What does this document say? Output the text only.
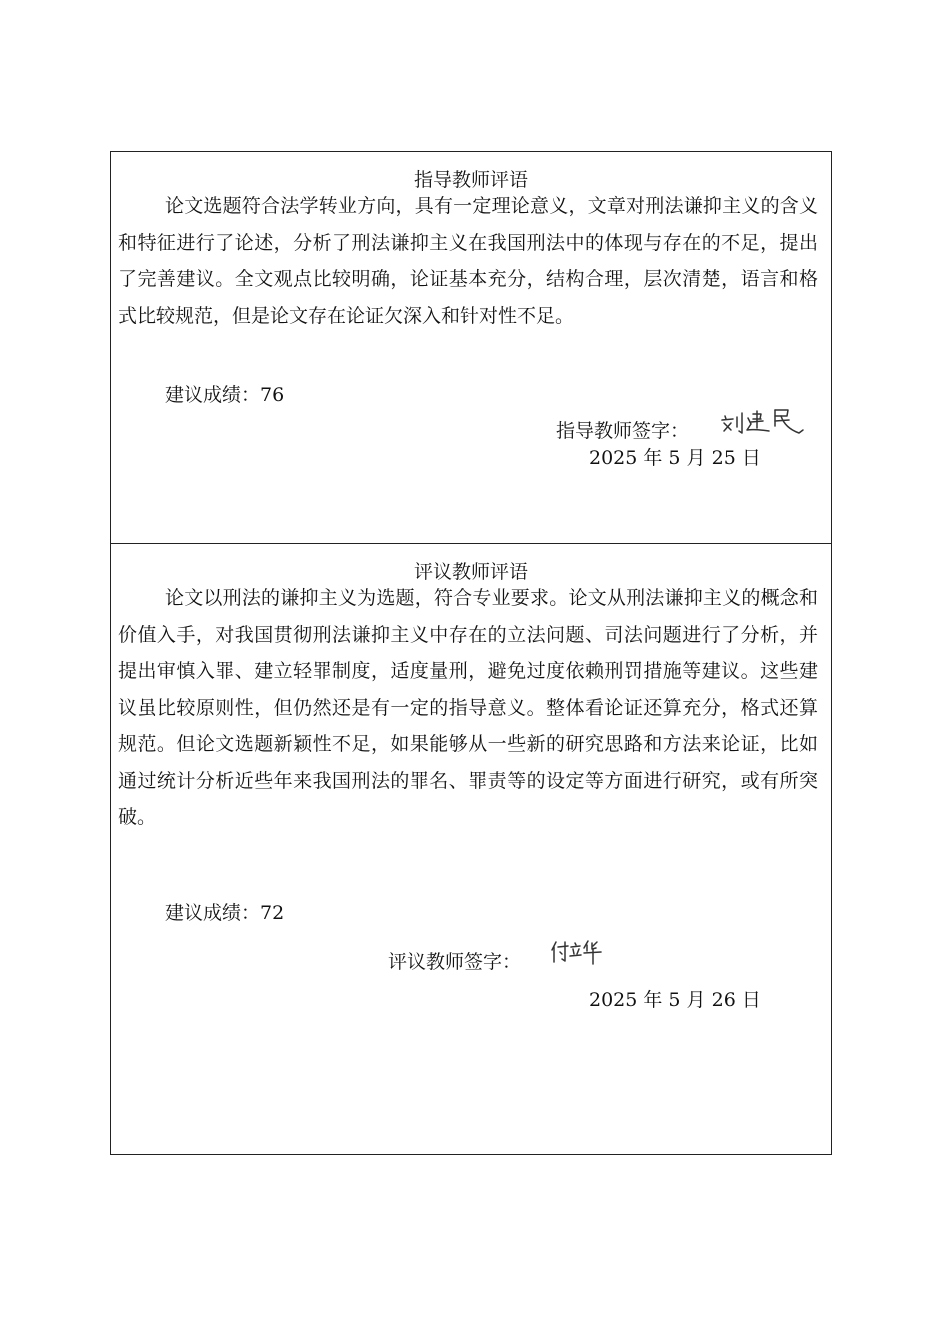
指导教师评语

论文选题符合法学转业方向，具有一定理论意义，文章对刑法谦抑主义的含义和特征进行了论述，分析了刑法谦抑主义在我国刑法中的体现与存在的不足，提出了完善建议。全文观点比较明确，论证基本充分，结构合理，层次清楚，语言和格式比较规范，但是论文存在论证欠深入和针对性不足。

建议成绩：76
指导教师签字：
2025 年 5 月 25 日
评议教师评语

论文以刑法的谦抑主义为选题，符合专业要求。论文从刑法谦抑主义的概念和价值入手，对我国贯彻刑法谦抑主义中存在的立法问题、司法问题进行了分析，并提出审慎入罪、建立轻罪制度，适度量刑，避免过度依赖刑罚措施等建议。这些建议虽比较原则性，但仍然还是有一定的指导意义。整体看论证还算充分，格式还算规范。但论文选题新颖性不足，如果能够从一些新的研究思路和方法来论证，比如通过统计分析近些年来我国刑法的罪名、罪责等的设定等方面进行研究，或有所突破。

建议成绩：72
评议教师签字：
2025 年 5 月 26 日
